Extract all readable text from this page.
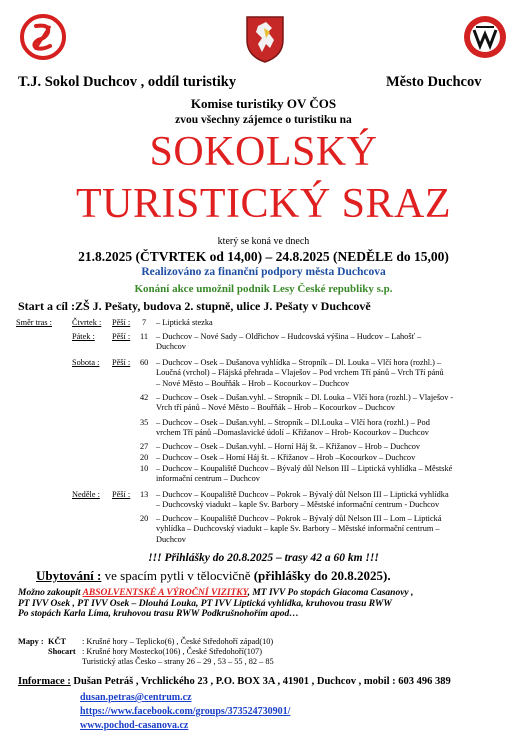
T.J. Sokol Duchcov , oddíl turistiky	Město Duchcov
Komise turistiky OV ČOS
zvou všechny zájemce o turistiku na
SOKOLSKÝ
TURISTICKÝ SRAZ
který se koná ve dnech
21.8.2025 (ČTVRTEK od 14,00) – 24.8.2025 (NEDĚLE do 15,00)
Realizováno za finanční podpory města Duchcova
Konání akce umožnil podnik Lesy České republiky s.p.
Start a cíl :ZŠ J. Pešaty, budova 2. stupně, ulice J. Pešaty v Duchcově
Směr tras : Čtvrtek : Pěší : 7 – Liptická stezka
Pátek : Pěší : 11 – Duchcov – Nové Sady – Oldřichov – Hudcovská výšina – Hudcov – Lahošť –
Duchcov
Sobota : Pěší : 60 – Duchcov – Osek – Dušanova vyhlídka – Stropník – Dl. Louka – Vlčí hora (rozhl.) –
Loučná (vrchol) – Flájská přehrada – Vlaješov – Pod vrchem Tří pánů – Vrch Tří pánů
– Nové Město – Bouřňák – Hrob – Kocourkov – Duchcov
42 – Duchcov – Osek – Dušan.vyhl. – Stropník – Dl. Louka – Vlčí hora (rozhl.) – Vlaješov -
Vrch tří pánů – Nové Město – Bouřňák – Hrob – Kocourkov – Duchcov
35 – Duchcov – Osek – Dušan.vyhl. – Stropník – Dl.Louka – Vlčí hora (rozhl.) – Pod
vrchem Tří pánů –Domaslavické údolí – Křižanov – Hrob- Kocourkov – Duchcov
27 – Duchcov – Osek – Dušan.vyhl. – Horní Háj št. – Křižanov – Hrob – Duchcov
20 – Duchcov – Osek – Horní Háj št. – Křižanov – Hrob –Kocourkov – Duchcov
10 – Duchcov – Koupaliště Duchcov – Bývalý důl Nelson III – Liptická vyhlídka – Městské
informační centrum – Duchcov
Neděle : Pěší : 13 – Duchcov – Koupaliště Duchcov – Pokrok – Bývalý důl Nelson III – Liptická vyhlídka
– Duchcovský viadukt – kaple Sv. Barbory – Městské informační centrum - Duchcov
20 – Duchcov – Koupaliště Duchcov – Pokrok – Bývalý důl Nelson III – Lom – Liptická
vyhlídka – Duchcovský viadukt – kaple Sv. Barbory – Městské informační centrum –
Duchcov
!!! Přihlášky do 20.8.2025 – trasy 42 a 60 km !!!
Ubytování : ve spacím pytli v tělocvičně (přihlášky do 20.8.2025).
Možno zakoupit ABSOLVENTSKÉ A VÝROČNÍ VIZITKY, MT IVV Po stopách Giacoma Casanovy ,
PT IVV Osek , PT IVV Osek – Dlouhá Louka, PT IVV Liptická vyhlídka, kruhovou trasu RWW
Po stopách Karla Líma, kruhovou trasu RWW Podkrušnohořím apod…
Mapy : KČT : Krušné hory – Teplicko(6) , České Středohoří západ(10)
Shocart : Krušné hory Mostecko(106) , České Středohoří(107)
Turistický atlas Česko – strany 26 – 29 , 53 – 55 , 82 – 85
Informace : Dušan Petráš , Vrchlického 23 , P.O. BOX 3A , 41901 , Duchcov , mobil : 603 496 389
dusan.petras@centrum.cz
https://www.facebook.com/groups/373524730901/
www.pochod-casanova.cz
